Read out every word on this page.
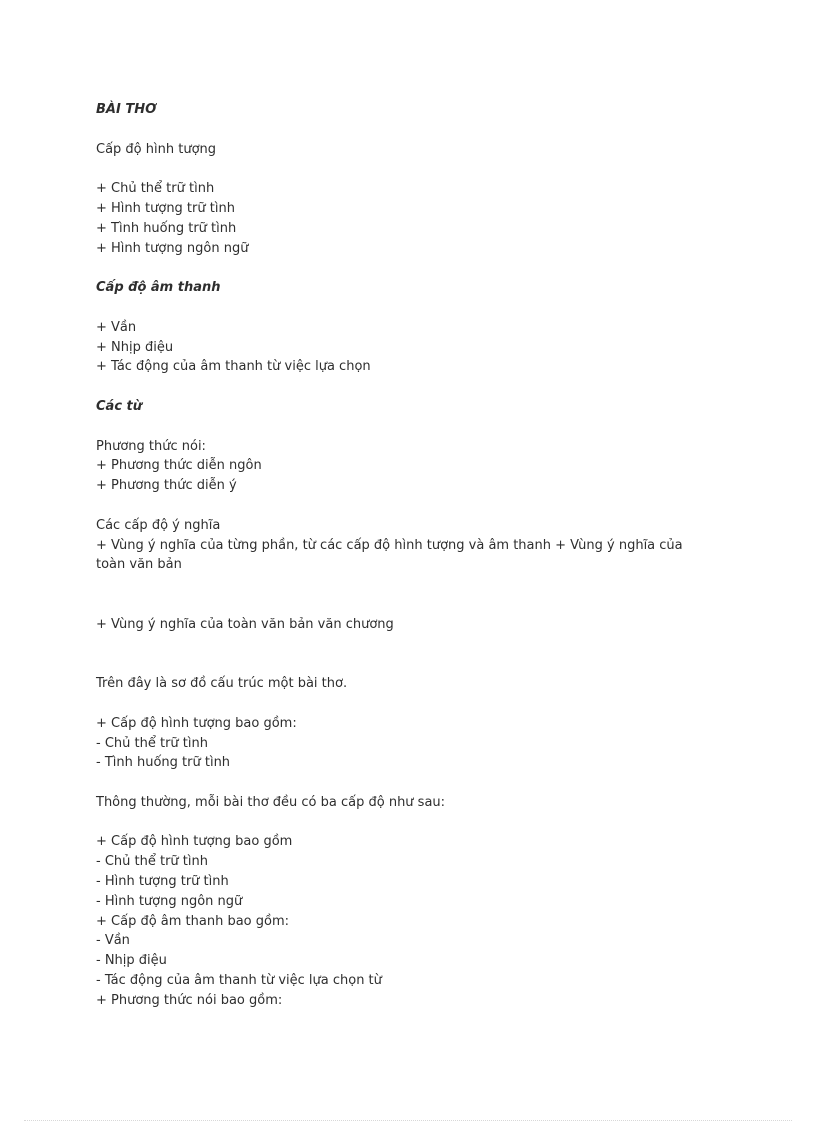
BÀI THƠ

Cấp độ hình tượng

+ Chủ thể trữ tình

+ Hình tượng trữ tình

+ Tình huống trữ tình

+ Hình tượng ngôn ngữ

Cấp độ âm thanh

+ Vần

+ Nhịp điệu

+ Tác động của âm thanh từ việc lựa chọn

Các từ

Phương thức nói:

+ Phương thức diễn ngôn

+ Phương thức diễn ý

Các cấp độ ý nghĩa

+ Vùng ý nghĩa của từng phần, từ các cấp độ hình tượng và âm thanh + Vùng ý nghĩa của

toàn văn bản

+ Vùng ý nghĩa của toàn văn bản văn chương

Trên đây là sơ đồ cấu trúc một bài thơ.

+ Cấp độ hình tượng bao gồm:

- Chủ thể trữ tình

- Tình huống trữ tình

Thông thường, mỗi bài thơ đều có ba cấp độ như sau:

+ Cấp độ hình tượng bao gồm

- Chủ thể trữ tình

- Hình tượng trữ tình

- Hình tượng ngôn ngữ

+ Cấp độ âm thanh bao gồm:

- Vần

- Nhịp điệu

- Tác động của âm thanh từ việc lựa chọn từ

+ Phương thức nói bao gồm:
